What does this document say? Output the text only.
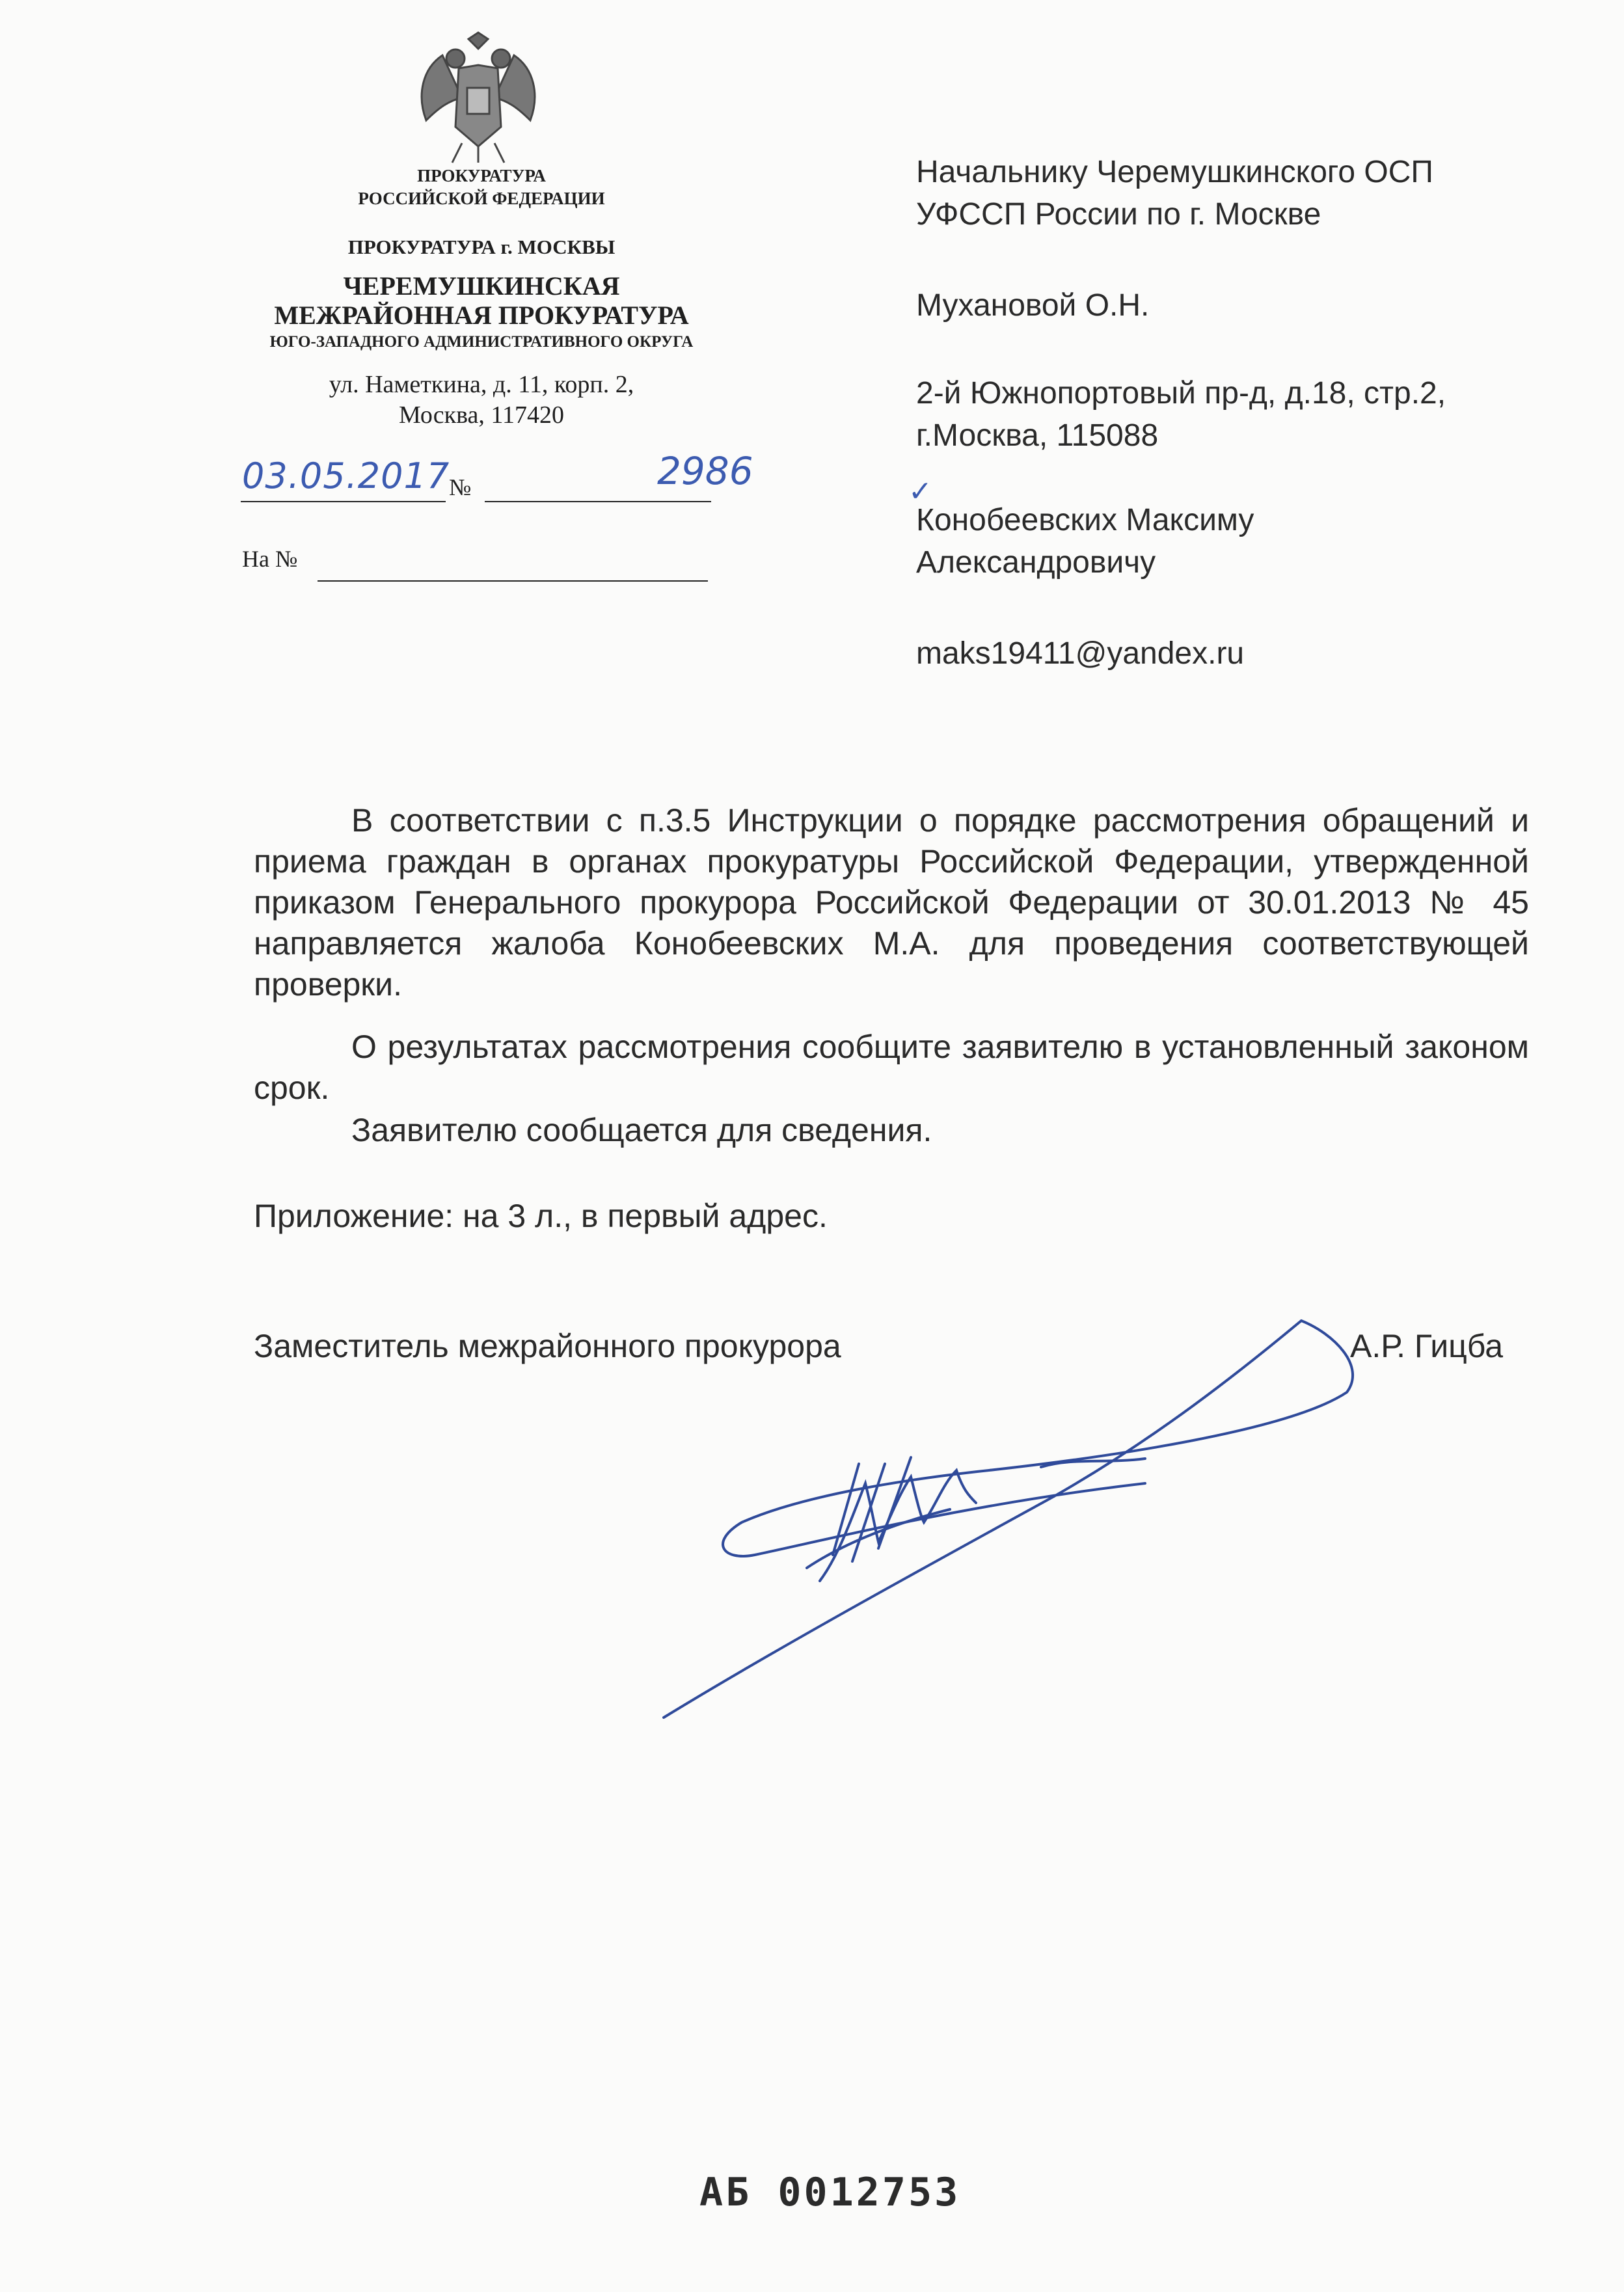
ПРОКУРАТУРА
РОССИЙСКОЙ ФЕДЕРАЦИИ
ПРОКУРАТУРА г. МОСКВЫ
ЧЕРЕМУШКИНСКАЯ
МЕЖРАЙОННАЯ ПРОКУРАТУРА
ЮГО-ЗАПАДНОГО АДМИНИСТРАТИВНОГО ОКРУГА
ул. Наметкина, д. 11, корп. 2,
Москва, 117420
03.05.2017
№	2986
На №
Начальнику Черемушкинского ОСП
УФССП России по г. Москве
Мухановой О.Н.
2-й Южнопортовый пр-д, д.18, стр.2,
г.Москва, 115088
✓
Конобеевских Максиму
Александровичу
maks19411@yandex.ru
В соответствии с п.3.5 Инструкции о порядке рассмотрения обращений и приема граждан в органах прокуратуры Российской Федерации, утвержденной приказом Генерального прокурора Российской Федерации от 30.01.2013 № 45 направляется жалоба Конобеевских М.А. для проведения соответствующей проверки.
О результатах рассмотрения сообщите заявителю в установленный законом срок.
Заявителю сообщается для сведения.
Приложение: на 3 л., в первый адрес.
Заместитель межрайонного прокурора	А.Р. Гицба
АБ 0012753
